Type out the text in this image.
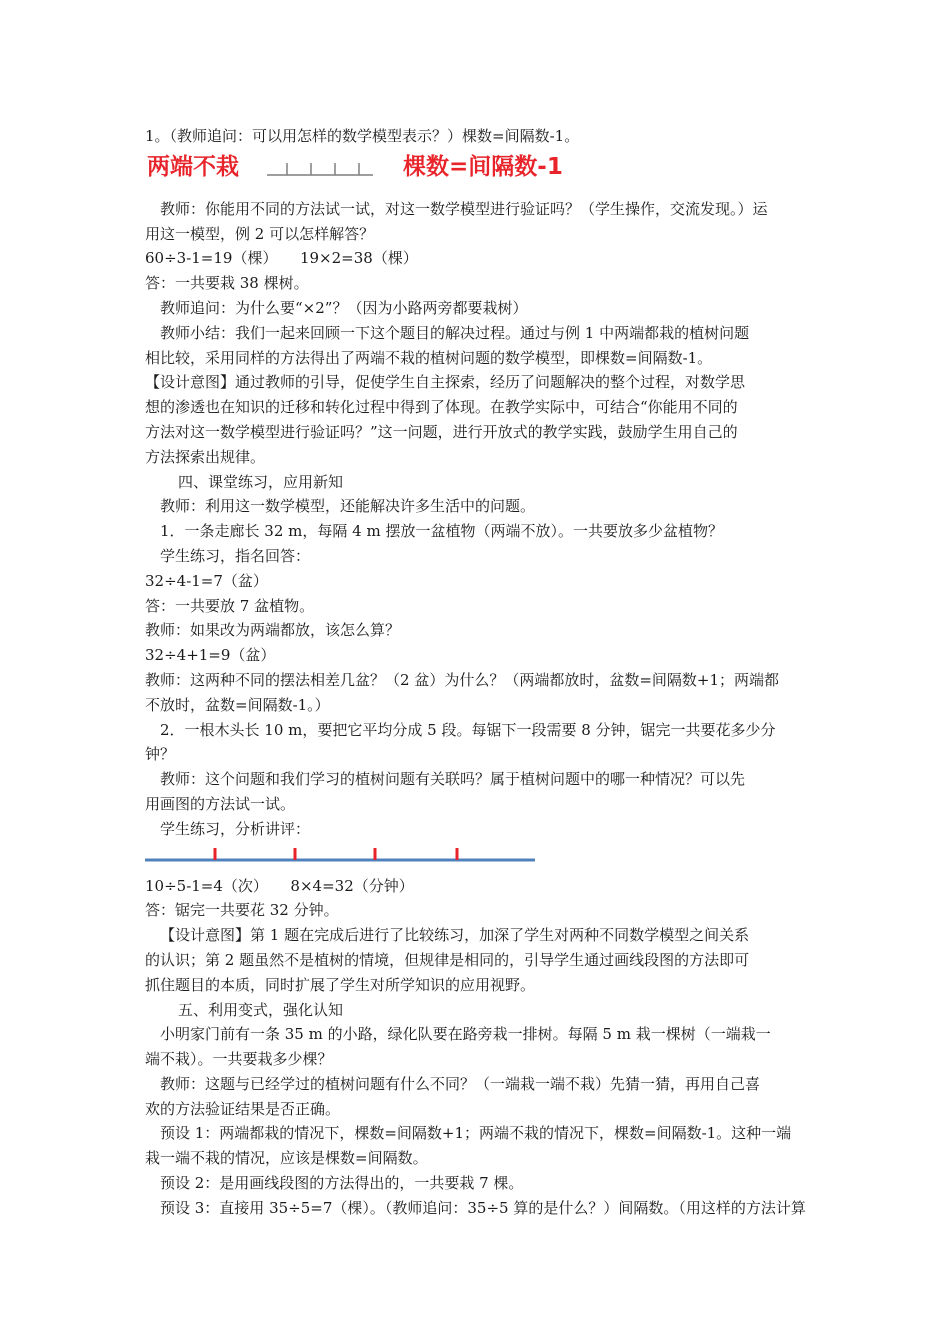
1。（教师追问：可以用怎样的数学模型表示？）棵数=间隔数-1。
两端不栽	棵数=间隔数-1
教师：你能用不同的方法试一试，对这一数学模型进行验证吗？（学生操作，交流发现。）运
用这一模型，例 2 可以怎样解答？
60÷3-1=19（棵）　　19×2=38（棵）
答：一共要栽 38 棵树。
教师追问：为什么要“×2”？（因为小路两旁都要栽树）
教师小结：我们一起来回顾一下这个题目的解决过程。通过与例 1 中两端都栽的植树问题
相比较，采用同样的方法得出了两端不栽的植树问题的数学模型，即棵数=间隔数-1。
【设计意图】通过教师的引导，促使学生自主探索，经历了问题解决的整个过程，对数学思
想的渗透也在知识的迁移和转化过程中得到了体现。在教学实际中，可结合“你能用不同的
方法对这一数学模型进行验证吗？”这一问题，进行开放式的教学实践，鼓励学生用自己的
方法探索出规律。
四、课堂练习，应用新知
教师：利用这一数学模型，还能解决许多生活中的问题。
1．一条走廊长 32 m，每隔 4 m 摆放一盆植物（两端不放）。一共要放多少盆植物？
学生练习，指名回答：
32÷4-1=7（盆）
答：一共要放 7 盆植物。
教师：如果改为两端都放，该怎么算？
32÷4+1=9（盆）
教师：这两种不同的摆法相差几盆？（2 盆）为什么？（两端都放时，盆数=间隔数+1；两端都
不放时，盆数=间隔数-1。）
2．一根木头长 10 m，要把它平均分成 5 段。每锯下一段需要 8 分钟，锯完一共要花多少分
钟？
教师：这个问题和我们学习的植树问题有关联吗？属于植树问题中的哪一种情况？可以先
用画图的方法试一试。
学生练习，分析讲评：
10÷5-1=4（次）　　8×4=32（分钟）
答：锯完一共要花 32 分钟。
【设计意图】第 1 题在完成后进行了比较练习，加深了学生对两种不同数学模型之间关系
的认识；第 2 题虽然不是植树的情境，但规律是相同的，引导学生通过画线段图的方法即可
抓住题目的本质，同时扩展了学生对所学知识的应用视野。
五、利用变式，强化认知
小明家门前有一条 35 m 的小路，绿化队要在路旁栽一排树。每隔 5 m 栽一棵树（一端栽一
端不栽）。一共要栽多少棵？
教师：这题与已经学过的植树问题有什么不同？（一端栽一端不栽）先猜一猜，再用自己喜
欢的方法验证结果是否正确。
预设 1：两端都栽的情况下，棵数=间隔数+1；两端不栽的情况下，棵数=间隔数-1。这种一端
栽一端不栽的情况，应该是棵数=间隔数。
预设 2：是用画线段图的方法得出的，一共要栽 7 棵。
预设 3：直接用 35÷5=7（棵）。（教师追问：35÷5 算的是什么？）间隔数。（用这样的方法计算
